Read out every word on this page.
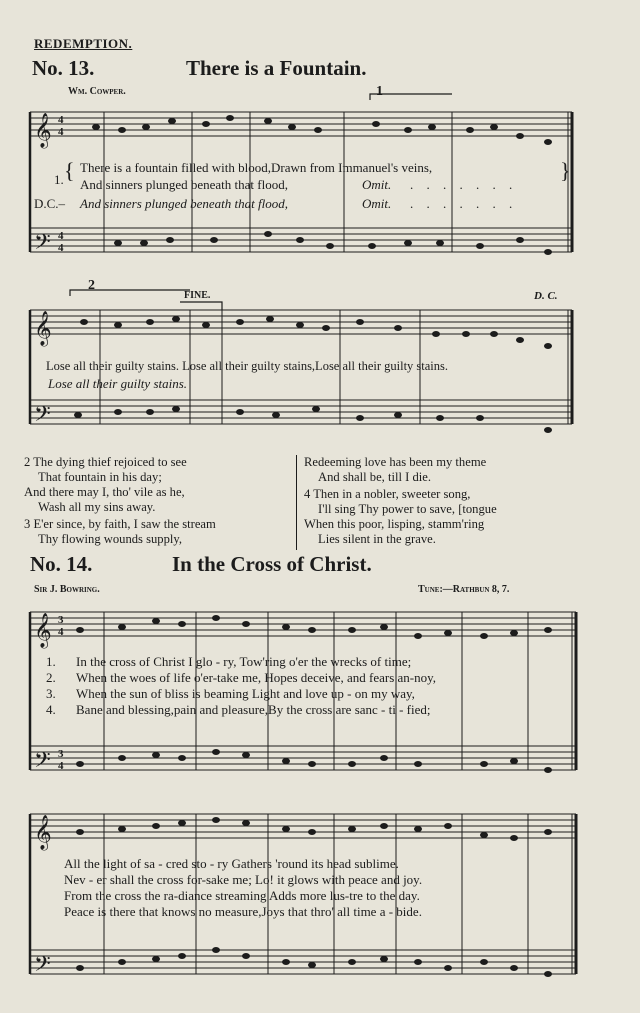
REDEMPTION.
No. 13.	There is a Fountain.
Wm. Cowper.	1
𝄞
𝄢
𝄞
𝄢
𝄞
𝄢
𝄞
𝄢
4
4
4
4
3
4
3
4
1. { There is a fountain filled with blood,Drawn from Immanuel's veins,
And sinners plunged beneath that flood,	Omit. . . . . . . .
}
D.C.– And sinners plunged beneath that flood,	Omit. . . . . . . .
2
FINE.	D. C.
Lose all their guilty stains. Lose all their guilty stains,Lose all their guilty stains.
Lose all their guilty stains.
2 The dying thief rejoiced to see
That fountain in his day;
And there may I, tho' vile as he,
Wash all my sins away.
3 E'er since, by faith, I saw the stream
Thy flowing wounds supply,
Redeeming love has been my theme
And shall be, till I die.
4 Then in a nobler, sweeter song,
I'll sing Thy power to save, [tongue
When this poor, lisping, stamm'ring
Lies silent in the grave.
No. 14.	In the Cross of Christ.
Sir J. Bowring.	Tune:—Rathbun 8, 7.
1. In the cross of Christ I glo - ry, Tow'ring o'er the wrecks of time;
2. When the woes of life o'er-take me, Hopes deceive, and fears an-noy,
3. When the sun of bliss is beaming Light and love up - on my way,
4. Bane and blessing,pain and pleasure,By the cross are sanc - ti - fied;
All the light of sa - cred sto - ry Gathers 'round its head sublime.
Nev - er shall the cross for-sake me; Lo! it glows with peace and joy.
From the cross the ra-diance streaming Adds more lus-tre to the day.
Peace is there that knows no measure,Joys that thro' all time a - bide.
